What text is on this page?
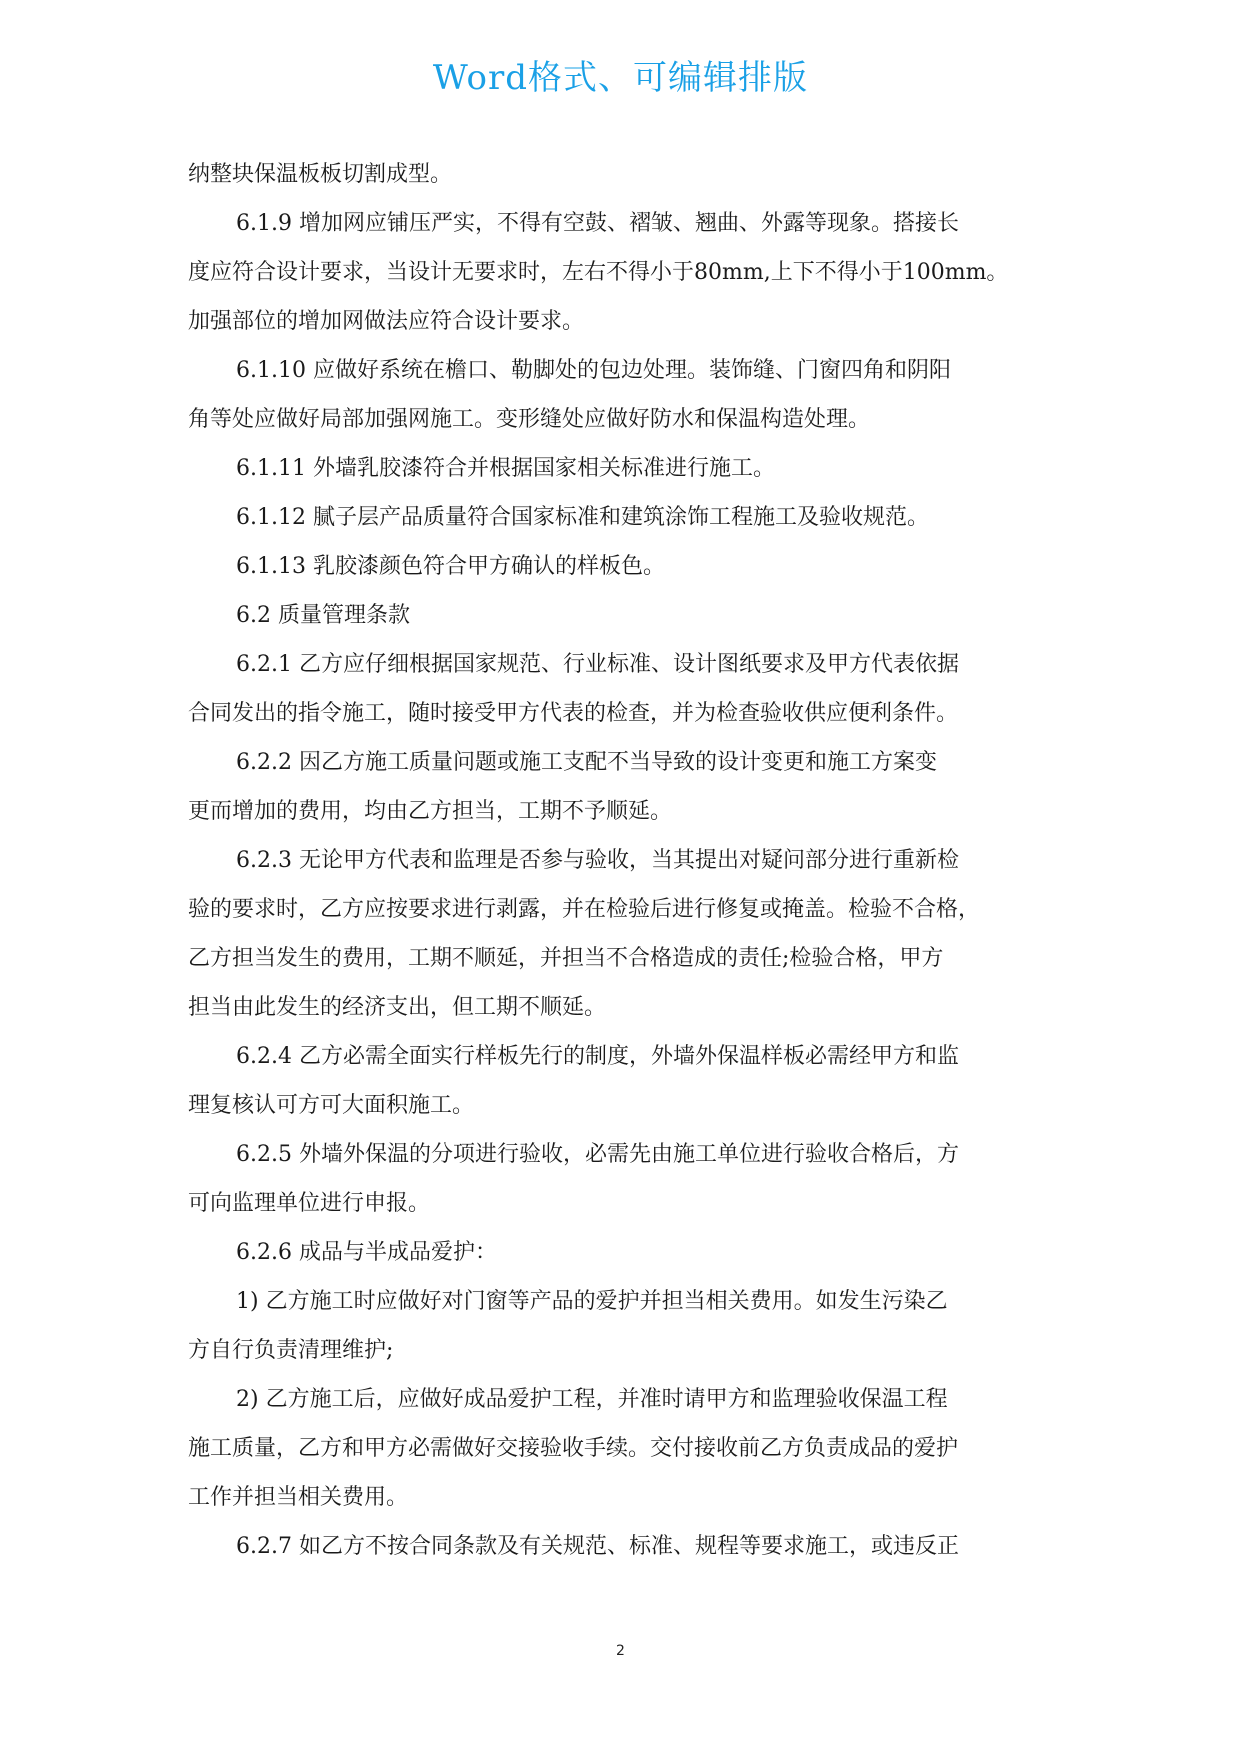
Word格式、可编辑排版
纳整块保温板板切割成型。
6.1.9 增加网应铺压严实，不得有空鼓、褶皱、翘曲、外露等现象。搭接长
度应符合设计要求，当设计无要求时，左右不得小于80mm,上下不得小于100mm。
加强部位的增加网做法应符合设计要求。
6.1.10 应做好系统在檐口、勒脚处的包边处理。装饰缝、门窗四角和阴阳
角等处应做好局部加强网施工。变形缝处应做好防水和保温构造处理。
6.1.11 外墙乳胶漆符合并根据国家相关标准进行施工。
6.1.12 腻子层产品质量符合国家标准和建筑涂饰工程施工及验收规范。
6.1.13 乳胶漆颜色符合甲方确认的样板色。
6.2 质量管理条款
6.2.1 乙方应仔细根据国家规范、行业标准、设计图纸要求及甲方代表依据
合同发出的指令施工，随时接受甲方代表的检查，并为检查验收供应便利条件。
6.2.2 因乙方施工质量问题或施工支配不当导致的设计变更和施工方案变
更而增加的费用，均由乙方担当，工期不予顺延。
6.2.3 无论甲方代表和监理是否参与验收，当其提出对疑问部分进行重新检
验的要求时，乙方应按要求进行剥露，并在检验后进行修复或掩盖。检验不合格，
乙方担当发生的费用，工期不顺延，并担当不合格造成的责任;检验合格，甲方
担当由此发生的经济支出，但工期不顺延。
6.2.4 乙方必需全面实行样板先行的制度，外墙外保温样板必需经甲方和监
理复核认可方可大面积施工。
6.2.5 外墙外保温的分项进行验收，必需先由施工单位进行验收合格后，方
可向监理单位进行申报。
6.2.6 成品与半成品爱护：
1) 乙方施工时应做好对门窗等产品的爱护并担当相关费用。如发生污染乙
方自行负责清理维护;
2) 乙方施工后，应做好成品爱护工程，并准时请甲方和监理验收保温工程
施工质量，乙方和甲方必需做好交接验收手续。交付接收前乙方负责成品的爱护
工作并担当相关费用。
6.2.7 如乙方不按合同条款及有关规范、标准、规程等要求施工，或违反正
2
